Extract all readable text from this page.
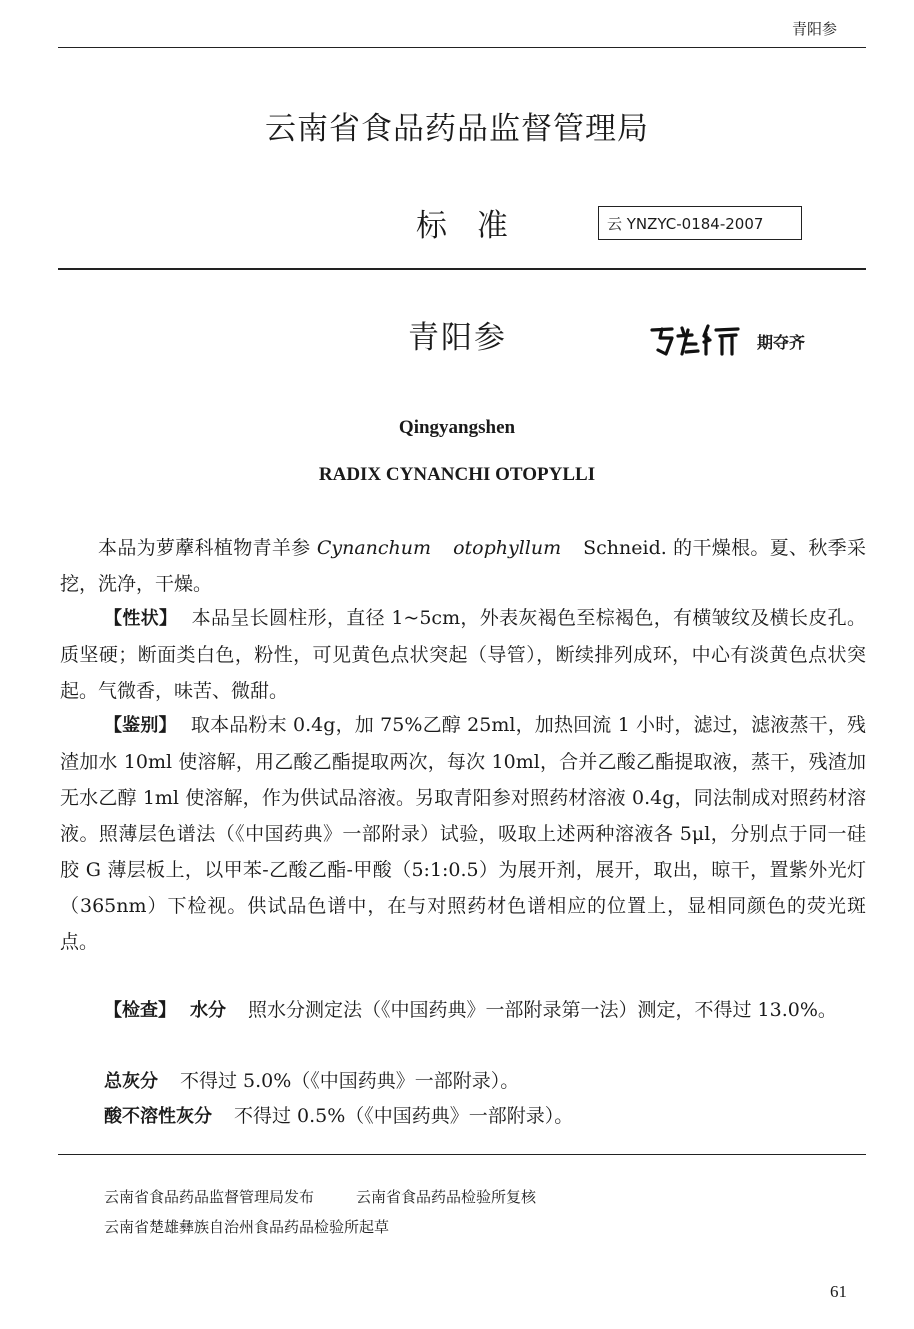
青阳参
云南省食品药品监督管理局
标 准	云 YNZYC-0184-2007
青阳参	期夺齐
Qingyangshen
RADIX CYNANCHI OTOPYLLI
本品为萝藦科植物青羊参 Cynanchum otophyllum Schneid. 的干燥根。夏、秋季采挖，洗净，干燥。
【性状】 本品呈长圆柱形，直径 1~5cm，外表灰褐色至棕褐色，有横皱纹及横长皮孔。质坚硬；断面类白色，粉性，可见黄色点状突起（导管），断续排列成环，中心有淡黄色点状突起。气微香，味苦、微甜。
【鉴别】 取本品粉末 0.4g，加 75%乙醇 25ml，加热回流 1 小时，滤过，滤液蒸干，残渣加水 10ml 使溶解，用乙酸乙酯提取两次，每次 10ml，合并乙酸乙酯提取液，蒸干，残渣加无水乙醇 1ml 使溶解，作为供试品溶液。另取青阳参对照药材溶液 0.4g，同法制成对照药材溶液。照薄层色谱法（《中国药典》一部附录）试验，吸取上述两种溶液各 5μl，分别点于同一硅胶 G 薄层板上，以甲苯-乙酸乙酯-甲酸（5:1:0.5）为展开剂，展开，取出，晾干，置紫外光灯（365nm）下检视。供试品色谱中，在与对照药材色谱相应的位置上，显相同颜色的荧光斑点。
【检查】 水分 照水分测定法（《中国药典》一部附录第一法）测定，不得过 13.0%。
总灰分 不得过 5.0%（《中国药典》一部附录）。
酸不溶性灰分 不得过 0.5%（《中国药典》一部附录）。
云南省食品药品监督管理局发布	云南省食品药品检验所复核
云南省楚雄彝族自治州食品药品检验所起草
61
